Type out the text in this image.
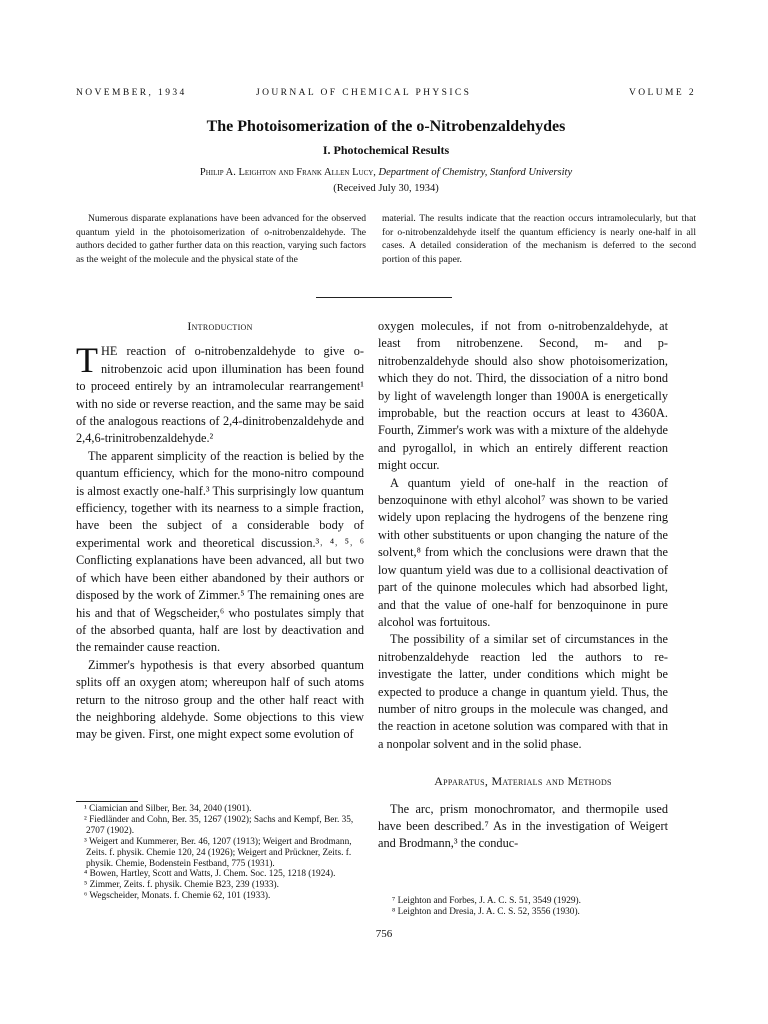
NOVEMBER, 1934	JOURNAL OF CHEMICAL PHYSICS	VOLUME 2
The Photoisomerization of the o-Nitrobenzaldehydes
I. Photochemical Results
Philip A. Leighton and Frank Allen Lucy, Department of Chemistry, Stanford University
(Received July 30, 1934)
Numerous disparate explanations have been advanced for the observed quantum yield in the photoisomerization of o-nitrobenzaldehyde. The authors decided to gather further data on this reaction, varying such factors as the weight of the molecule and the physical state of the
material. The results indicate that the reaction occurs intramolecularly, but that for o-nitrobenzaldehyde itself the quantum efficiency is nearly one-half in all cases. A detailed consideration of the mechanism is deferred to the second portion of this paper.
Introduction

THE reaction of o-nitrobenzaldehyde to give o-nitrobenzoic acid upon illumination has been found to proceed entirely by an intramolecular rearrangement¹ with no side or reverse reaction, and the same may be said of the analogous reactions of 2,4-dinitrobenzaldehyde and 2,4,6-trinitrobenzaldehyde.²

The apparent simplicity of the reaction is belied by the quantum efficiency, which for the mono-nitro compound is almost exactly one-half.³ This surprisingly low quantum efficiency, together with its nearness to a simple fraction, have been the subject of a considerable body of experimental work and theoretical discussion.³˒ ⁴˒ ⁵˒ ⁶ Conflicting explanations have been advanced, all but two of which have been either abandoned by their authors or disposed by the work of Zimmer.⁵ The remaining ones are his and that of Wegscheider,⁶ who postulates simply that of the absorbed quanta, half are lost by deactivation and the remainder cause reaction.

Zimmer's hypothesis is that every absorbed quantum splits off an oxygen atom; whereupon half of such atoms return to the nitroso group and the other half react with the neighboring aldehyde. Some objections to this view may be given. First, one might expect some evolution of

oxygen molecules, if not from o-nitrobenzaldehyde, at least from nitrobenzene. Second, m- and p-nitrobenzaldehyde should also show photoisomerization, which they do not. Third, the dissociation of a nitro bond by light of wavelength longer than 1900A is energetically improbable, but the reaction occurs at least to 4360A. Fourth, Zimmer's work was with a mixture of the aldehyde and pyrogallol, in which an entirely different reaction might occur.

A quantum yield of one-half in the reaction of benzoquinone with ethyl alcohol⁷ was shown to be varied widely upon replacing the hydrogens of the benzene ring with other substituents or upon changing the nature of the solvent,⁸ from which the conclusions were drawn that the low quantum yield was due to a collisional deactivation of part of the quinone molecules which had absorbed light, and that the value of one-half for benzoquinone in pure alcohol was fortuitous.

The possibility of a similar set of circumstances in the nitrobenzaldehyde reaction led the authors to re-investigate the latter, under conditions which might be expected to produce a change in quantum yield. Thus, the number of nitro groups in the molecule was changed, and the reaction in acetone solution was compared with that in a nonpolar solvent and in the solid phase.

Apparatus, Materials and Methods

The arc, prism monochromator, and thermopile used have been described.⁷ As in the investigation of Weigert and Brodmann,³ the conduc-

¹ Ciamician and Silber, Ber. 34, 2040 (1901).

² Fiedländer and Cohn, Ber. 35, 1267 (1902); Sachs and Kempf, Ber. 35, 2707 (1902).

³ Weigert and Kummerer, Ber. 46, 1207 (1913); Weigert and Brodmann, Zeits. f. physik. Chemie 120, 24 (1926); Weigert and Prückner, Zeits. f. physik. Chemie, Bodenstein Festband, 775 (1931).

⁴ Bowen, Hartley, Scott and Watts, J. Chem. Soc. 125, 1218 (1924).

⁵ Zimmer, Zeits. f. physik. Chemie B23, 239 (1933).

⁶ Wegscheider, Monats. f. Chemie 62, 101 (1933).	⁷ Leighton and Forbes, J. A. C. S. 51, 3549 (1929).

⁸ Leighton and Dresia, J. A. C. S. 52, 3556 (1930).

756
